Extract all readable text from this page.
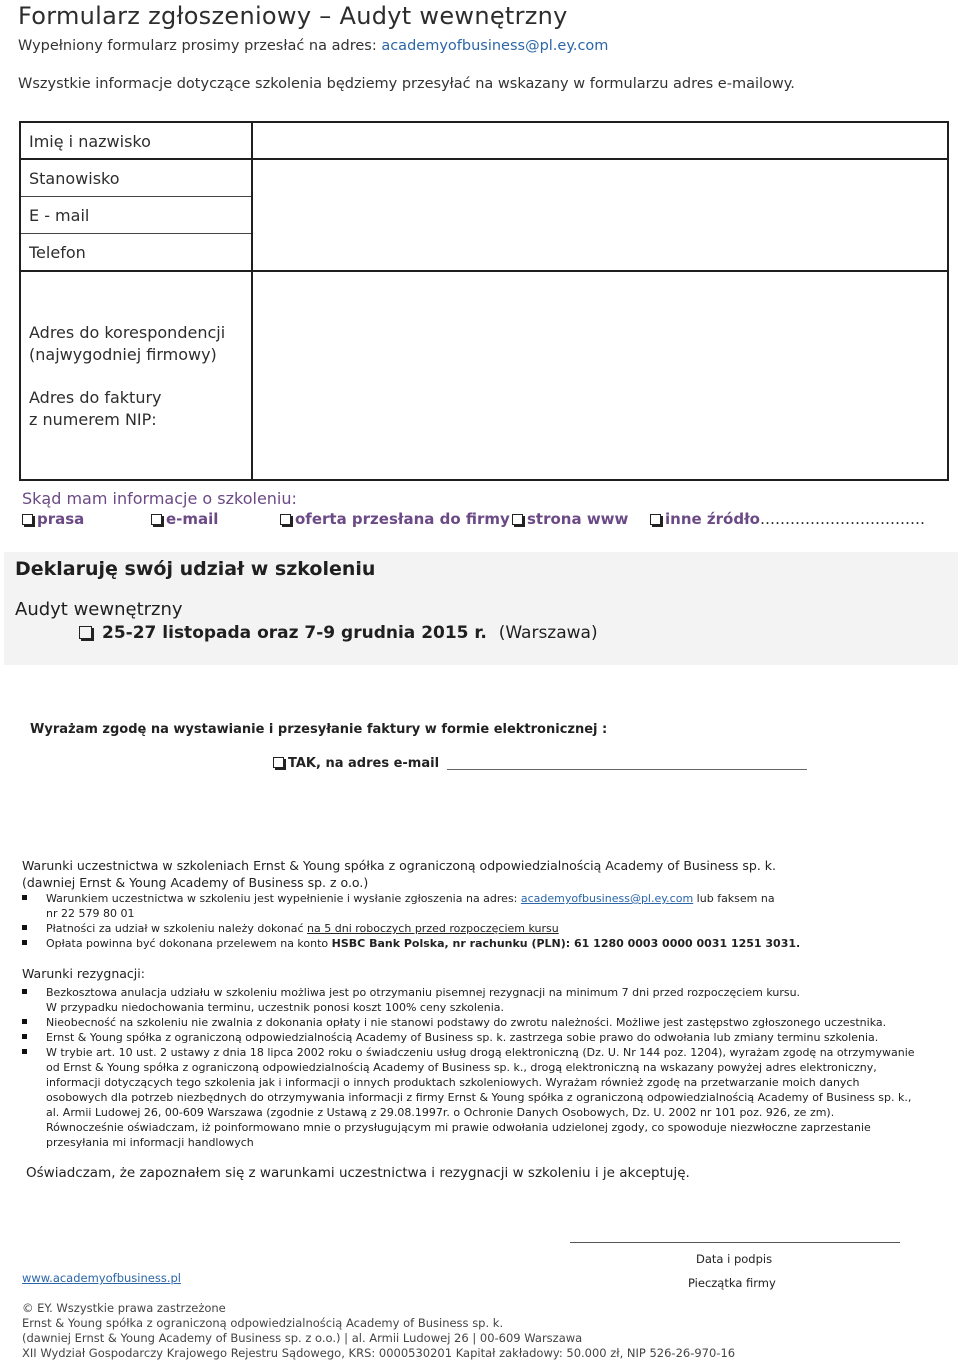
Formularz zgłoszeniowy – Audyt wewnętrzny
Wypełniony formularz prosimy przesłać na adres: academyofbusiness@pl.ey.com
Wszystkie informacje dotyczące szkolenia będziemy przesyłać na wskazany w formularzu adres e-mailowy.
Imię i nazwisko
Stanowisko
E - mail
Telefon
Adres do korespondencji
(najwygodniej firmowy)
Adres do faktury
z numerem NIP:
Skąd mam informacje o szkoleniu:
prasa	e-mail	oferta przesłana do firmy	strona www	inne źródło……………………………
Deklaruję swój udział w szkoleniu
Audyt wewnętrzny
25-27 listopada oraz 7-9 grudnia 2015 r. (Warszawa)
Wyrażam zgodę na wystawianie i przesyłanie faktury w formie elektronicznej :
TAK, na adres e-mail
Warunki uczestnictwa w szkoleniach Ernst & Young spółka z ograniczoną odpowiedzialnością Academy of Business sp. k.
(dawniej Ernst & Young Academy of Business sp. z o.o.)
Warunkiem uczestnictwa w szkoleniu jest wypełnienie i wysłanie zgłoszenia na adres: academyofbusiness@pl.ey.com lub faksem na
nr 22 579 80 01
Płatności za udział w szkoleniu należy dokonać na 5 dni roboczych przed rozpoczęciem kursu
Opłata powinna być dokonana przelewem na konto HSBC Bank Polska, nr rachunku (PLN): 61 1280 0003 0000 0031 1251 3031.
Warunki rezygnacji:
Bezkosztowa anulacja udziału w szkoleniu możliwa jest po otrzymaniu pisemnej rezygnacji na minimum 7 dni przed rozpoczęciem kursu.
W przypadku niedochowania terminu, uczestnik ponosi koszt 100% ceny szkolenia.
Nieobecność na szkoleniu nie zwalnia z dokonania opłaty i nie stanowi podstawy do zwrotu należności. Możliwe jest zastępstwo zgłoszonego uczestnika.
Ernst & Young spółka z ograniczoną odpowiedzialnością Academy of Business sp. k. zastrzega sobie prawo do odwołania lub zmiany terminu szkolenia.
W trybie art. 10 ust. 2 ustawy z dnia 18 lipca 2002 roku o świadczeniu usług drogą elektroniczną (Dz. U. Nr 144 poz. 1204), wyrażam zgodę na otrzymywanie
od Ernst & Young spółka z ograniczoną odpowiedzialnością Academy of Business sp. k., drogą elektroniczną na wskazany powyżej adres elektroniczny,
informacji dotyczących tego szkolenia jak i informacji o innych produktach szkoleniowych. Wyrażam również zgodę na przetwarzanie moich danych
osobowych dla potrzeb niezbędnych do otrzymywania informacji z firmy Ernst & Young spółka z ograniczoną odpowiedzialnością Academy of Business sp. k.,
al. Armii Ludowej 26, 00-609 Warszawa (zgodnie z Ustawą z 29.08.1997r. o Ochronie Danych Osobowych, Dz. U. 2002 nr 101 poz. 926, ze zm).
Równocześnie oświadczam, iż poinformowano mnie o przysługującym mi prawie odwołania udzielonej zgody, co spowoduje niezwłoczne zaprzestanie
przesyłania mi informacji handlowych
Oświadczam, że zapoznałem się z warunkami uczestnictwa i rezygnacji w szkoleniu i je akceptuję.
Data i podpis
Pieczątka firmy
www.academyofbusiness.pl
© EY. Wszystkie prawa zastrzeżone
Ernst & Young spółka z ograniczoną odpowiedzialnością Academy of Business sp. k.
(dawniej Ernst & Young Academy of Business sp. z o.o.) | al. Armii Ludowej 26 | 00-609 Warszawa
XII Wydział Gospodarczy Krajowego Rejestru Sądowego, KRS: 0000530201 Kapitał zakładowy: 50.000 zł, NIP 526-26-970-16
